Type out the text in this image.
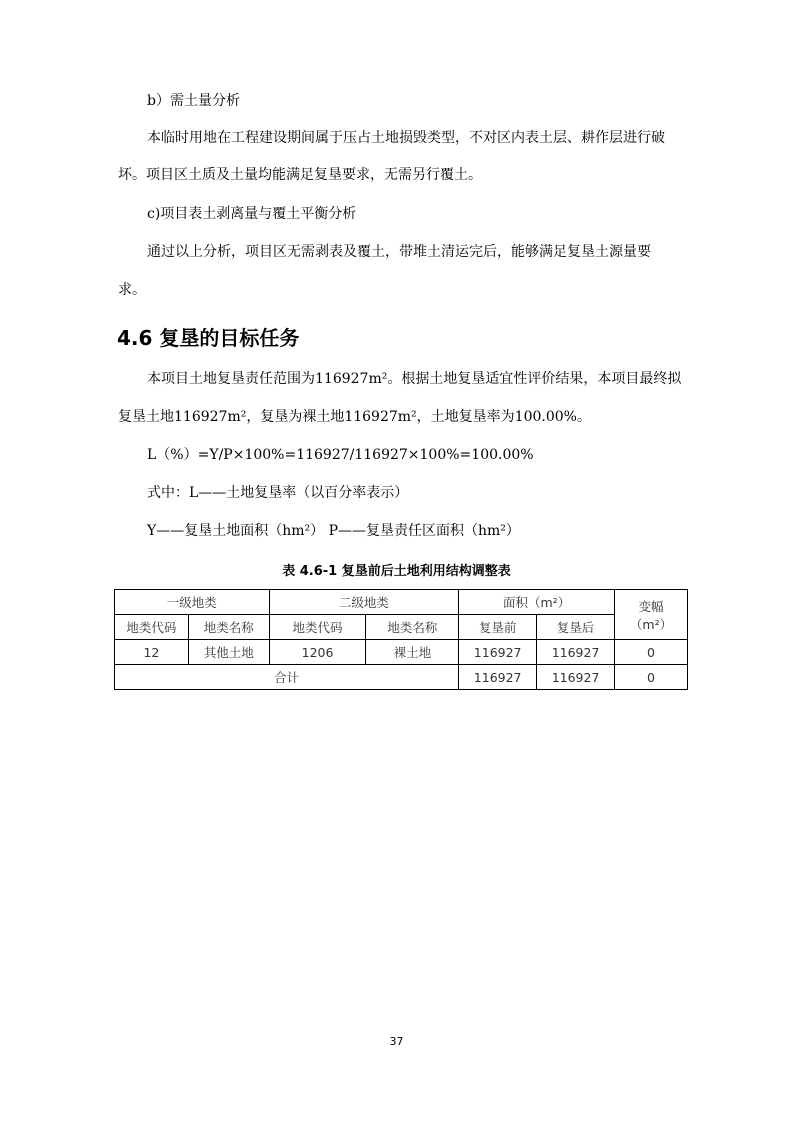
b）需土量分析
本临时用地在工程建设期间属于压占土地损毁类型，不对区内表土层、耕作层进行破
坏。项目区土质及土量均能满足复垦要求，无需另行覆土。
c)项目表土剥离量与覆土平衡分析
通过以上分析，项目区无需剥表及覆土，带堆土清运完后，能够满足复垦土源量要
求。
4.6 复垦的目标任务
本项目土地复垦责任范围为116927m²。根据土地复垦适宜性评价结果，本项目最终拟
复垦土地116927m²，复垦为裸土地116927m²，土地复垦率为100.00%。
L（%）=Y/P×100%=116927/116927×100%=100.00%
式中：L——土地复垦率（以百分率表示）
Y——复垦土地面积（hm²） P——复垦责任区面积（hm²）
表 4.6-1 复垦前后土地利用结构调整表
一级地类		二级地类		面积（m²）		变幅
（m²）

地类代码	地类名称	地类代码	地类名称	复垦前	复垦后	
12	其他土地	1206	裸土地	116927	116927	0
合计				116927	116927	0
37
